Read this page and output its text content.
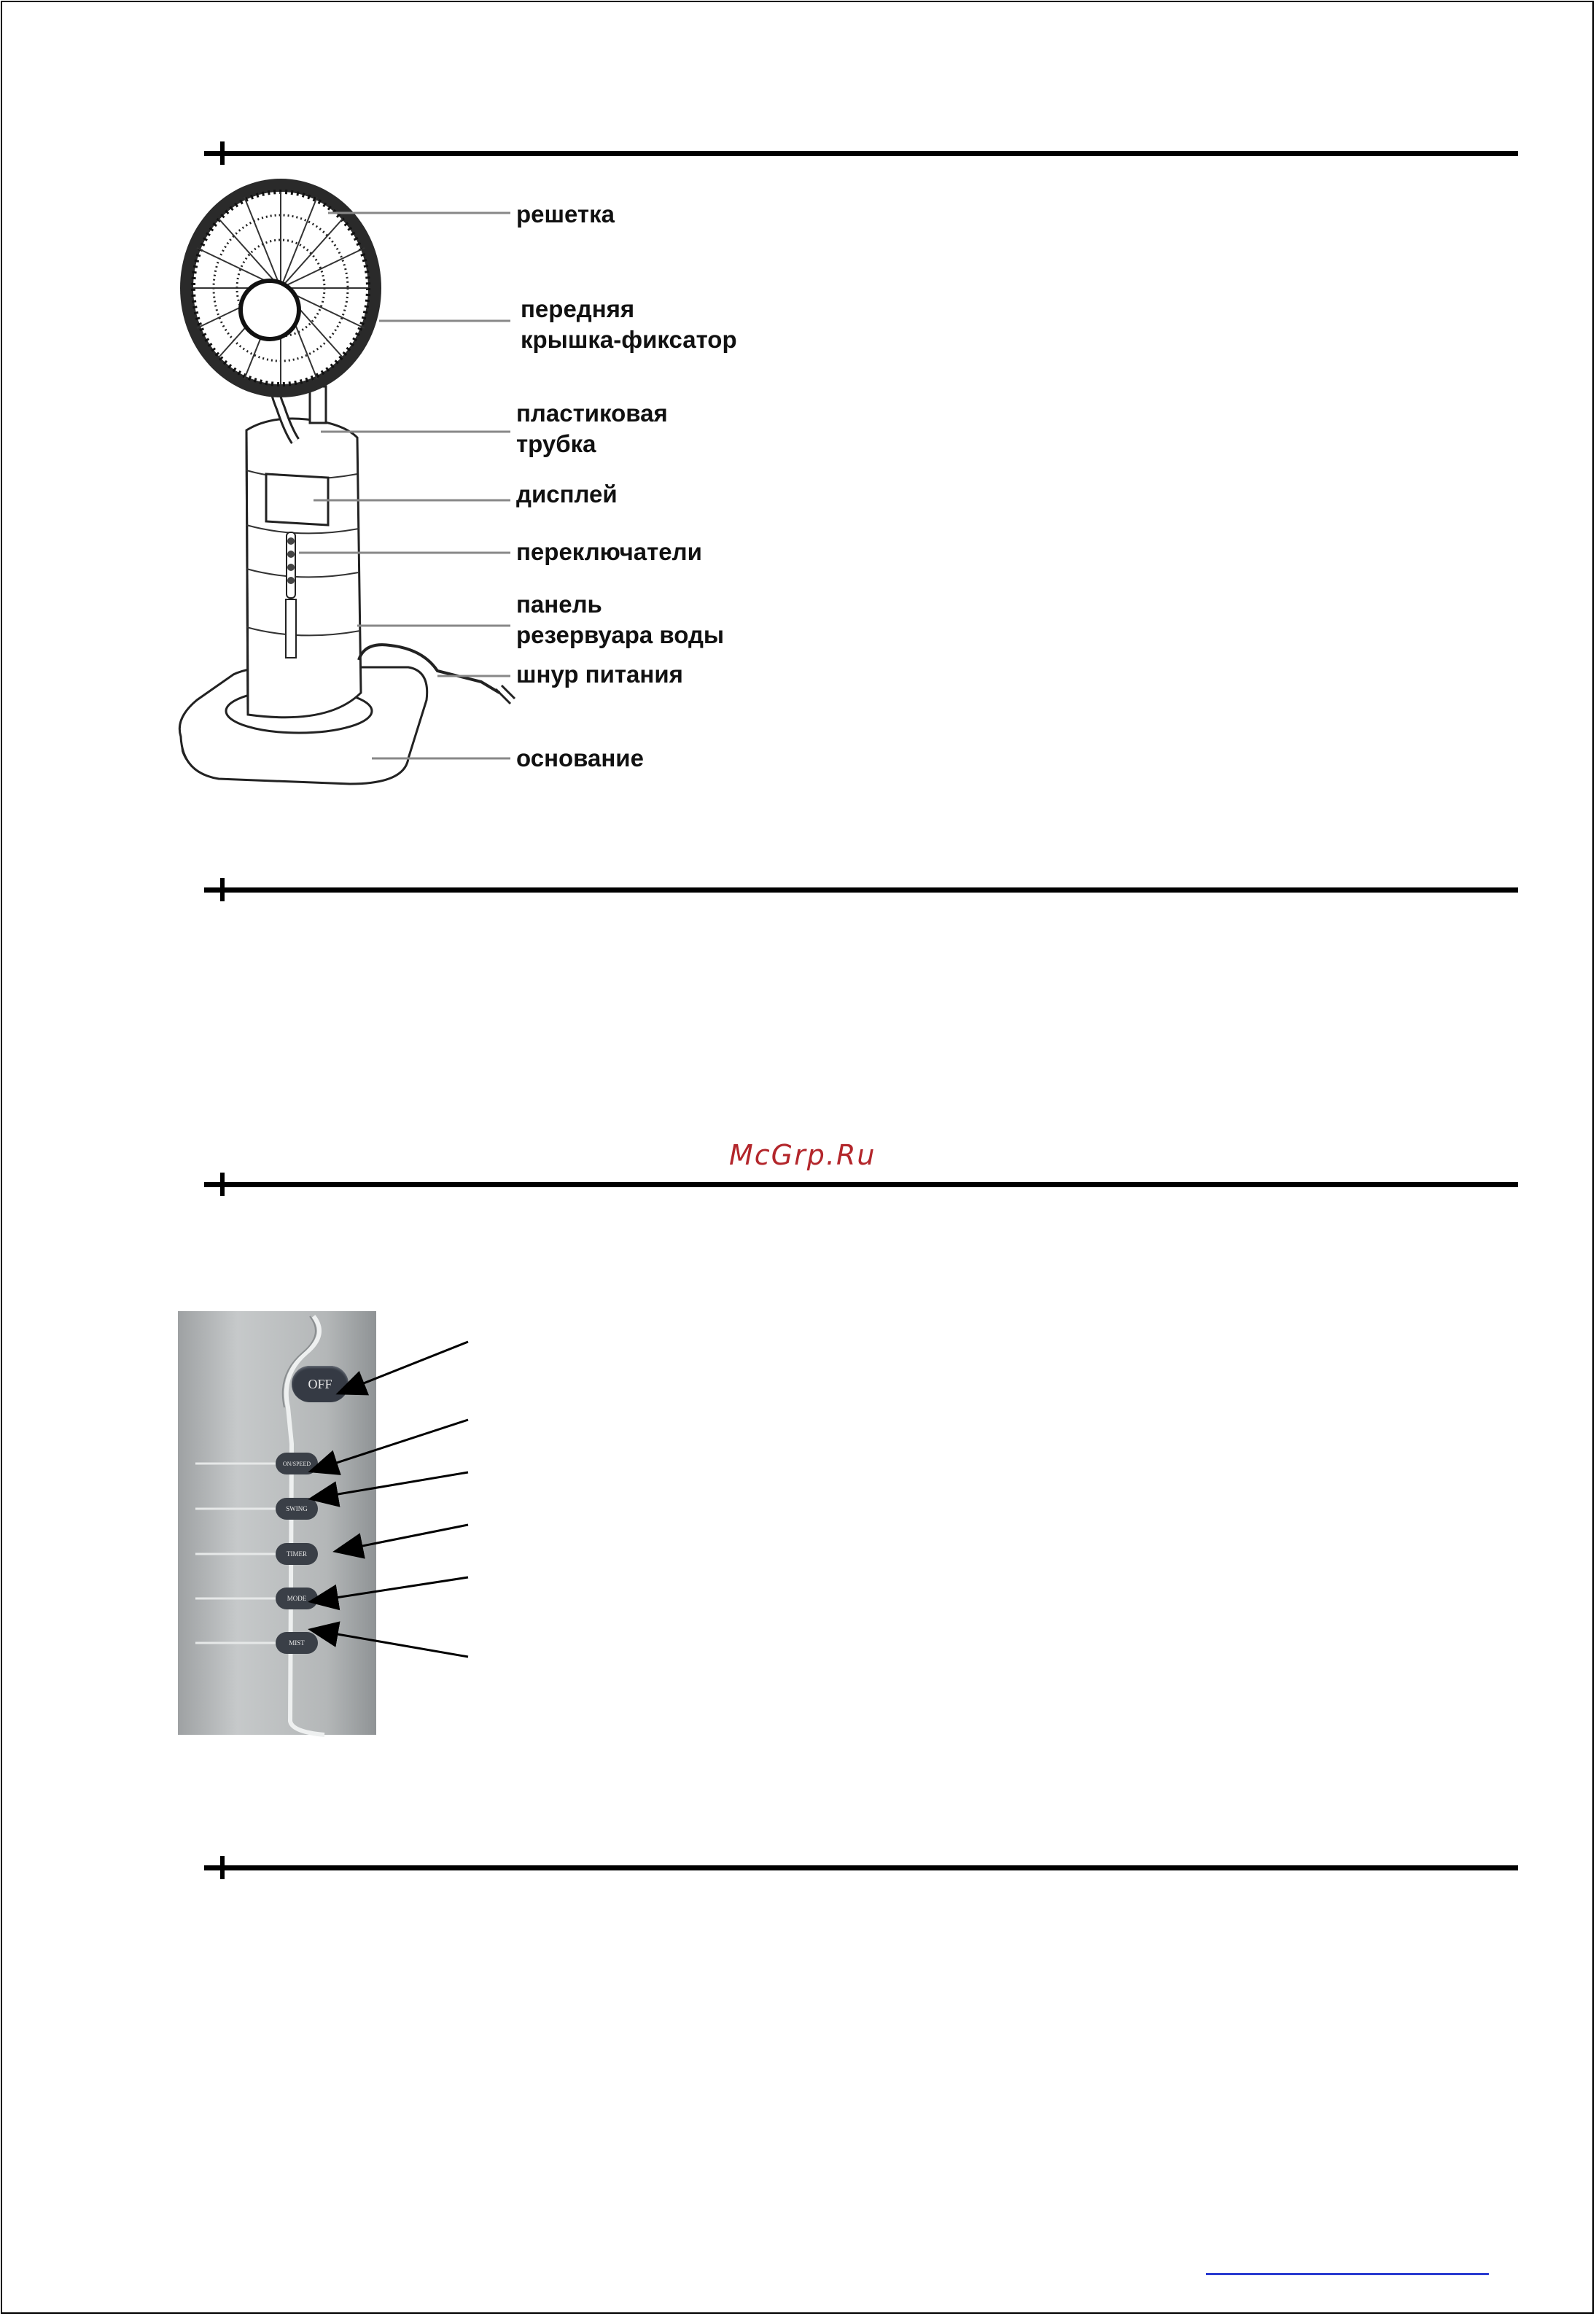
решетка
передняя
крышка-фиксатор
пластиковая
трубка
дисплей
переключатели
панель
резервуара воды
шнур питания
основание
McGrp.Ru
OFF
ON/SPEED
SWING
TIMER
MODE
MIST
